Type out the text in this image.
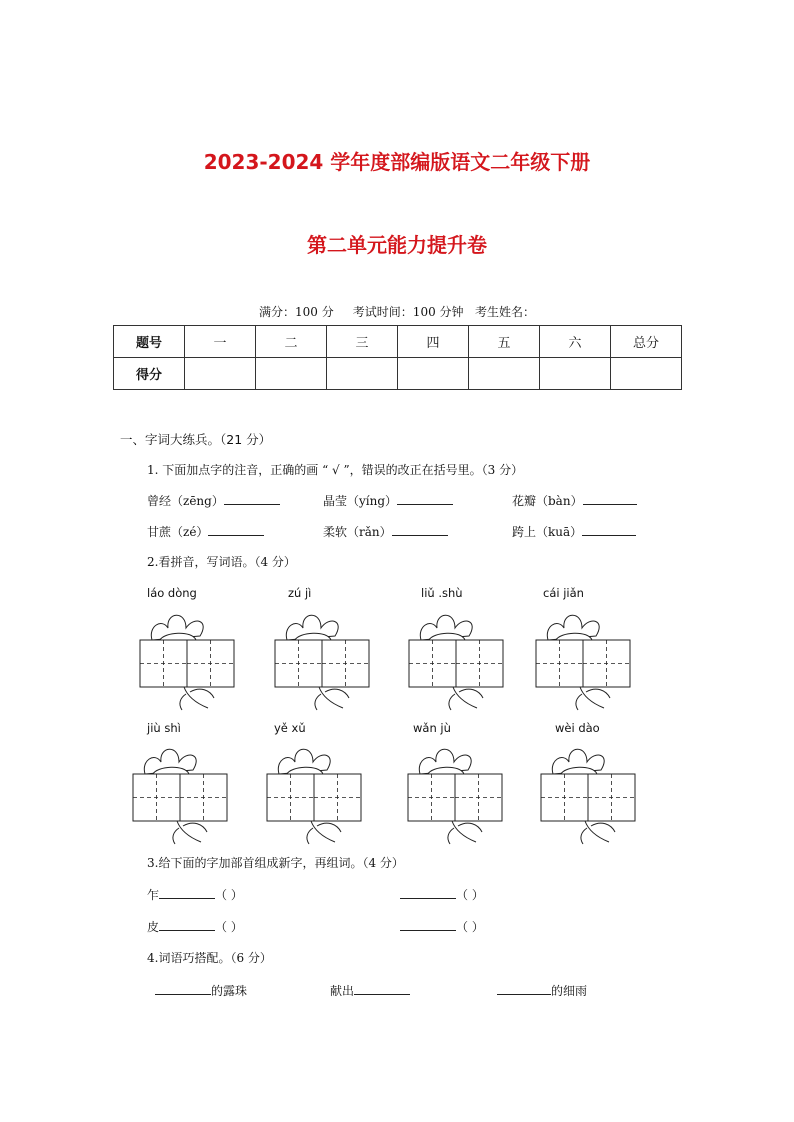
2023-2024 学年度部编版语文二年级下册
第二单元能力提升卷
满分：100 分     考试时间：100 分钟   考生姓名：
题号	一	二	三	四	五	六	总分
得分							
一、字词大练兵。（21 分）
1. 下面加点字的注音，正确的画 “ √ ”，错误的改正在括号里。（3 分）
曾经（zēng）	晶莹（yíng）	花瓣（bàn）
甘蔗（zé）	柔软（rǎn）	跨上（kuā）
2.看拼音，写词语。（4 分）
láo dòng	zú jì	liǔ .shù	cái jiǎn
jiù shì	yě xǔ	wǎn jù	wèi dào
3.给下面的字加部首组成新字，再组词。（4 分）
乍	（ ）	（ ）
皮	（ ）	（ ）
4.词语巧搭配。（6 分）
的露珠	献出	的细雨
